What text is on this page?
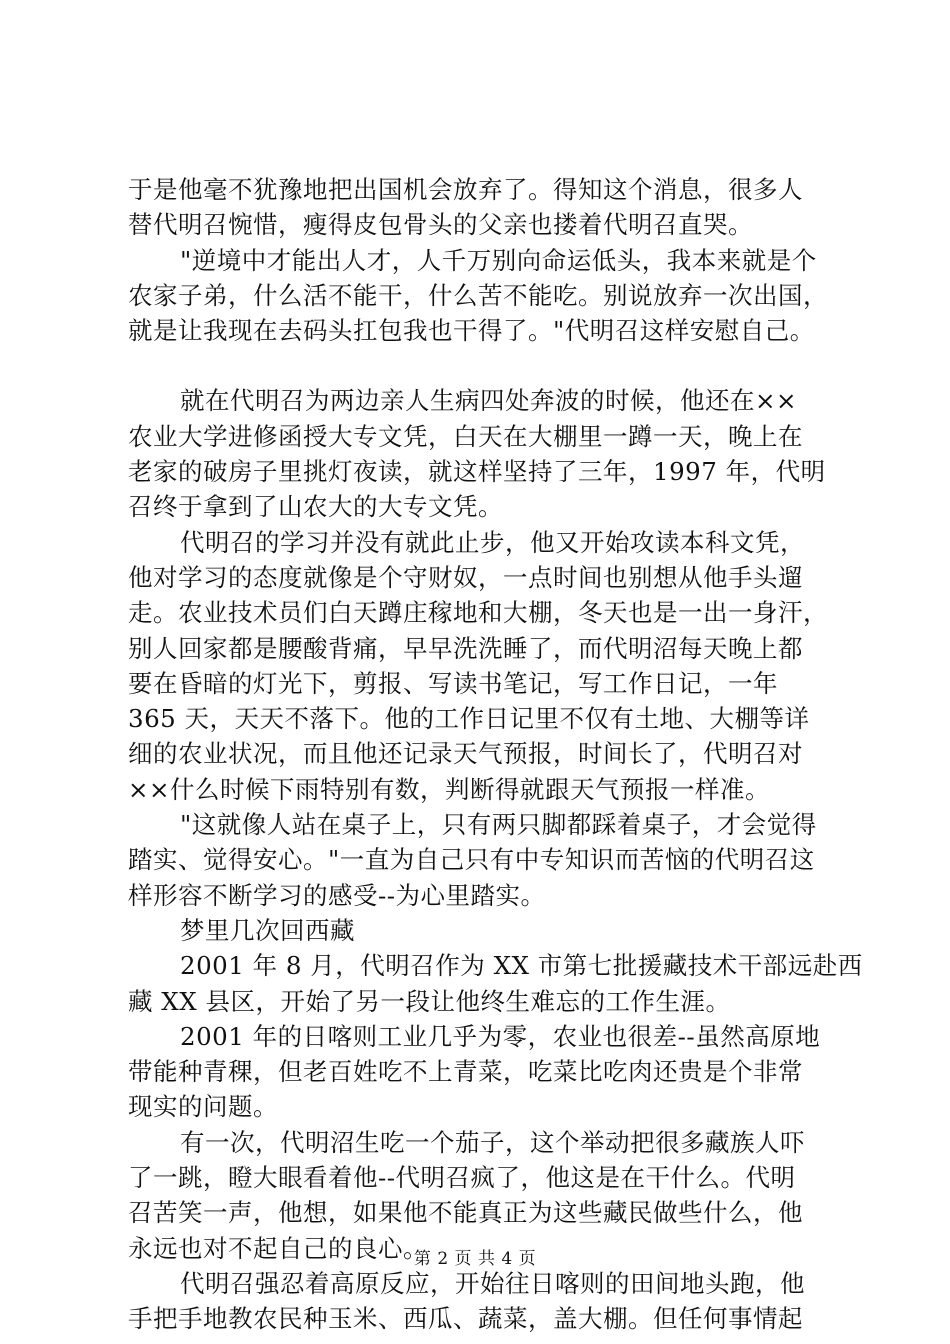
于是他毫不犹豫地把出国机会放弃了。得知这个消息，很多人
替代明召惋惜，瘦得皮包骨头的父亲也搂着代明召直哭。

"逆境中才能出人才，人千万别向命运低头，我本来就是个
农家子弟，什么活不能干，什么苦不能吃。别说放弃一次出国，
就是让我现在去码头扛包我也干得了。"代明召这样安慰自己。

就在代明召为两边亲人生病四处奔波的时候，他还在××
农业大学进修函授大专文凭，白天在大棚里一蹲一天，晚上在
老家的破房子里挑灯夜读，就这样坚持了三年，1997 年，代明
召终于拿到了山农大的大专文凭。

代明召的学习并没有就此止步，他又开始攻读本科文凭，
他对学习的态度就像是个守财奴，一点时间也别想从他手头遛
走。农业技术员们白天蹲庄稼地和大棚，冬天也是一出一身汗，
别人回家都是腰酸背痛，早早洗洗睡了，而代明沼每天晚上都
要在昏暗的灯光下，剪报、写读书笔记，写工作日记，一年
365 天，天天不落下。他的工作日记里不仅有土地、大棚等详
细的农业状况，而且他还记录天气预报，时间长了，代明召对
××什么时候下雨特别有数，判断得就跟天气预报一样准。

"这就像人站在桌子上，只有两只脚都踩着桌子，才会觉得
踏实、觉得安心。"一直为自己只有中专知识而苦恼的代明召这
样形容不断学习的感受--为心里踏实。

梦里几次回西藏

2001 年 8 月，代明召作为 XX 市第七批援藏技术干部远赴西
藏 XX 县区，开始了另一段让他终生难忘的工作生涯。

2001 年的日喀则工业几乎为零，农业也很差--虽然高原地
带能种青稞，但老百姓吃不上青菜，吃菜比吃肉还贵是个非常
现实的问题。

有一次，代明沼生吃一个茄子，这个举动把很多藏族人吓
了一跳，瞪大眼看着他--代明召疯了，他这是在干什么。代明
召苦笑一声，他想，如果他不能真正为这些藏民做些什么，他
永远也对不起自己的良心。

代明召强忍着高原反应，开始往日喀则的田间地头跑，他
手把手地教农民种玉米、西瓜、蔬菜，盖大棚。但任何事情起

第 2 页 共 4 页
